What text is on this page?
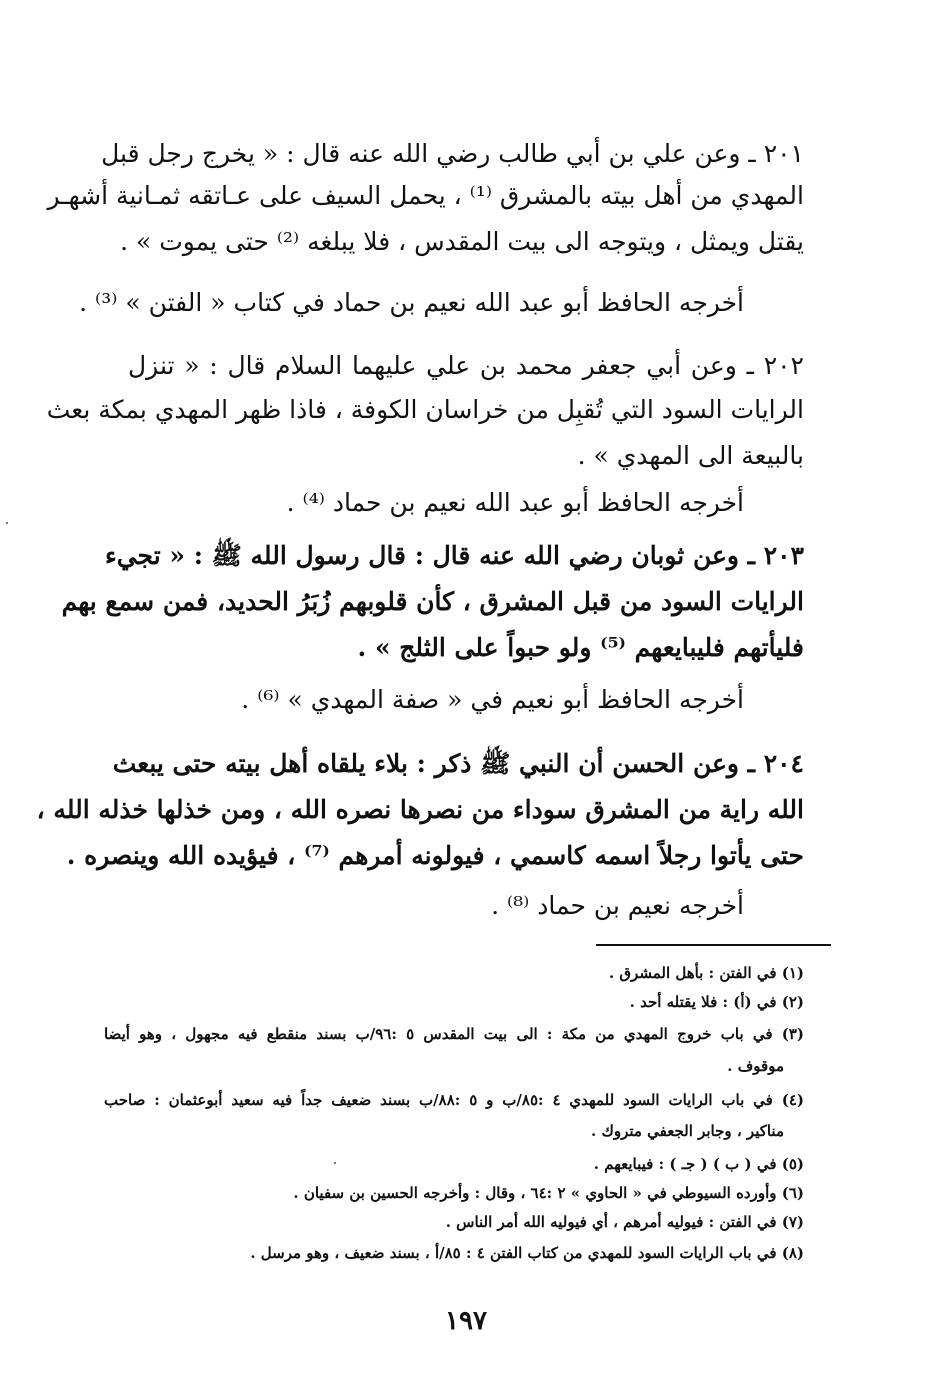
٢٠١ ـ وعن علي بن أبي طالب رضي الله عنه قال : « يخرج رجل قبل
المهدي من أهل بيته بالمشرق ⁽¹⁾ ، يحمل السيف على عـاتقه ثمـانية أشهـر
يقتل ويمثل ، ويتوجه الى بيت المقدس ، فلا يبلغه ⁽²⁾ حتى يموت » .
أخرجه الحافظ أبو عبد الله نعيم بن حماد في كتاب « الفتن » ⁽³⁾ .
٢٠٢ ـ وعن أبي جعفر محمد بن علي عليهما السلام قال : « تنزل
الرايات السود التي تُقبِل من خراسان الكوفة ، فاذا ظهر المهدي بمكة بعث
بالبيعة الى المهدي » .
أخرجه الحافظ أبو عبد الله نعيم بن حماد ⁽⁴⁾ .
٢٠٣ ـ وعن ثوبان رضي الله عنه قال : قال رسول الله ﷺ : « تجيء
الرايات السود من قبل المشرق ، كأن قلوبهم زُبَرُ الحديد، فمن سمع بهم
فليأتهم فليبايعهم ⁽⁵⁾ ولو حبواً على الثلج » .
أخرجه الحافظ أبو نعيم في « صفة المهدي » ⁽⁶⁾ .
٢٠٤ ـ وعن الحسن أن النبي ﷺ ذكر : بلاء يلقاه أهل بيته حتى يبعث
الله راية من المشرق سوداء من نصرها نصره الله ، ومن خذلها خذله الله ،
حتى يأتوا رجلاً اسمه كاسمي ، فيولونه أمرهم ⁽⁷⁾ ، فيؤيده الله وينصره .
أخرجه نعيم بن حماد ⁽⁸⁾ .
(١) في الفتن : بأهل المشرق .
(٢) في (أ) : فلا يقتله أحد .
(٣) في باب خروج المهدي من مكة : الى بيت المقدس ٥ :٩٦/ب بسند منقطع فيه مجهول ، وهو أيضا
موقوف .
(٤) في باب الرايات السود للمهدي ٤ :٨٥/ب و ٥ :٨٨/ب بسند ضعيف جداً فيه سعيد أبوعثمان : صاحب
مناكير ، وجابر الجعفي متروك .
(٥) في ( ب ) ( جـ ) : فيبايعهم .
(٦) وأورده السيوطي في « الحاوي » ٢ :٦٤ ، وقال : وأخرجه الحسين بن سفيان .
(٧) في الفتن : فيوليه أمرهم ، أي فيوليه الله أمر الناس .
(٨) في باب الرايات السود للمهدي من كتاب الفتن ٤ : ٨٥/أ ، بسند ضعيف ، وهو مرسل .
١٩٧
